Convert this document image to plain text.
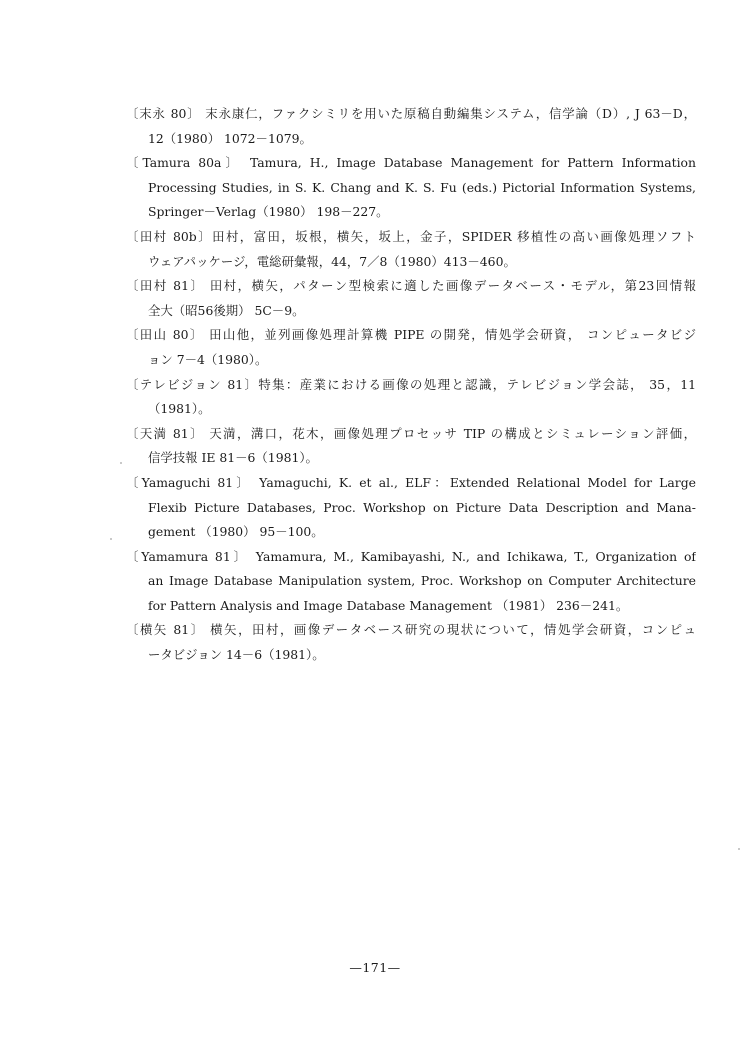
〔末永 80〕 末永康仁，ファクシミリを用いた原稿自動編集システム，信学論（D）, J 63－D，
12（1980） 1072－1079。
〔Tamura 80a〕 Tamura, H., Image Database Management for Pattern Information
Processing Studies, in S. K. Chang and K. S. Fu (eds.) Pictorial Information Systems,
Springer－Verlag（1980） 198－227。
〔田村 80b〕田村，富田，坂根，横矢，坂上，金子，SPIDER 移植性の高い画像処理ソフト
ウェアパッケージ，電総研彙報，44，7／8（1980）413－460。
〔田村 81〕 田村，横矢，パターン型検索に適した画像データベース・モデル，第23回情報
全大（昭56後期） 5C－9。
〔田山 80〕 田山他，並列画像処理計算機 PIPE の開発，情処学会研資， コンピュータビジ
ョン 7－4（1980）。
〔テレビジョン 81〕特集：産業における画像の処理と認識，テレビジョン学会誌， 35，11
（1981）。
〔天満 81〕 天満，溝口，花木，画像処理プロセッサ TIP の構成とシミュレーション評価，
信学技報 IE 81－6（1981）。
〔Yamaguchi 81〕 Yamaguchi, K. et al., ELF：Extended Relational Model for Large
Flexib Picture Databases, Proc. Workshop on Picture Data Description and Mana-
gement （1980） 95－100。
〔Yamamura 81〕 Yamamura, M., Kamibayashi, N., and Ichikawa, T., Organization of
an Image Database Manipulation system, Proc. Workshop on Computer Architecture
for Pattern Analysis and Image Database Management （1981） 236－241。
〔横矢 81〕 横矢，田村，画像データベース研究の現状について，情処学会研資，コンピュ
ータビジョン 14－6（1981）。
—171—
